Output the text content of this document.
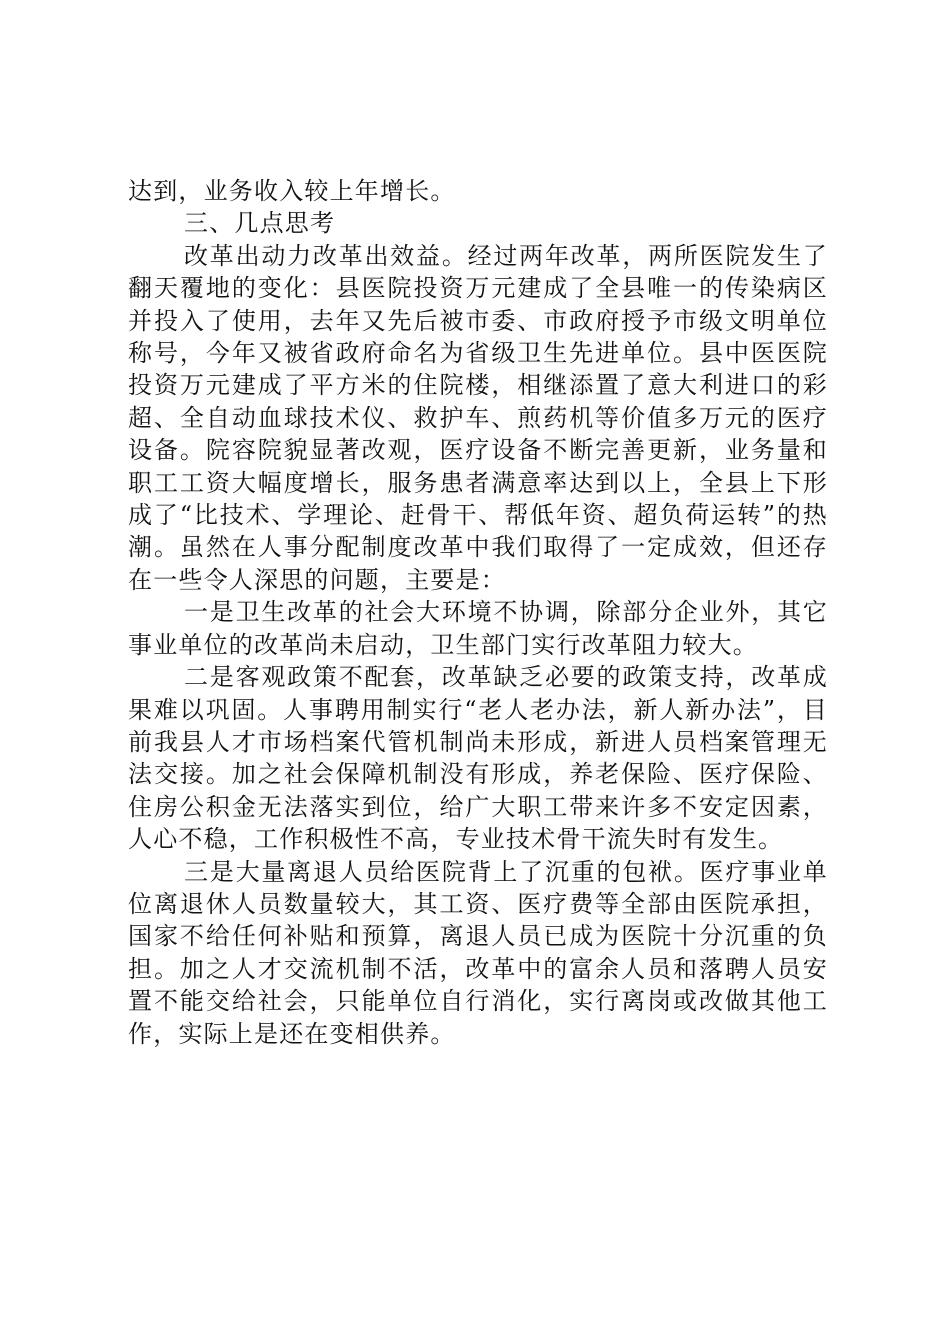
达到，业务收入较上年增长。

三、几点思考

改革出动力改革出效益。经过两年改革，两所医院发生了翻天覆地的变化：县医院投资万元建成了全县唯一的传染病区并投入了使用，去年又先后被市委、市政府授予市级文明单位称号，今年又被省政府命名为省级卫生先进单位。县中医医院投资万元建成了平方米的住院楼，相继添置了意大利进口的彩超、全自动血球技术仪、救护车、煎药机等价值多万元的医疗设备。院容院貌显著改观，医疗设备不断完善更新，业务量和职工工资大幅度增长，服务患者满意率达到以上，全县上下形成了“比技术、学理论、赶骨干、帮低年资、超负荷运转”的热潮。虽然在人事分配制度改革中我们取得了一定成效，但还存在一些令人深思的问题，主要是：

一是卫生改革的社会大环境不协调，除部分企业外，其它事业单位的改革尚未启动，卫生部门实行改革阻力较大。

二是客观政策不配套，改革缺乏必要的政策支持，改革成果难以巩固。人事聘用制实行“老人老办法，新人新办法”，目前我县人才市场档案代管机制尚未形成，新进人员档案管理无法交接。加之社会保障机制没有形成，养老保险、医疗保险、住房公积金无法落实到位，给广大职工带来许多不安定因素，人心不稳，工作积极性不高，专业技术骨干流失时有发生。

三是大量离退人员给医院背上了沉重的包袱。医疗事业单位离退休人员数量较大，其工资、医疗费等全部由医院承担，国家不给任何补贴和预算，离退人员已成为医院十分沉重的负担。加之人才交流机制不活，改革中的富余人员和落聘人员安置不能交给社会，只能单位自行消化，实行离岗或改做其他工作，实际上是还在变相供养。
